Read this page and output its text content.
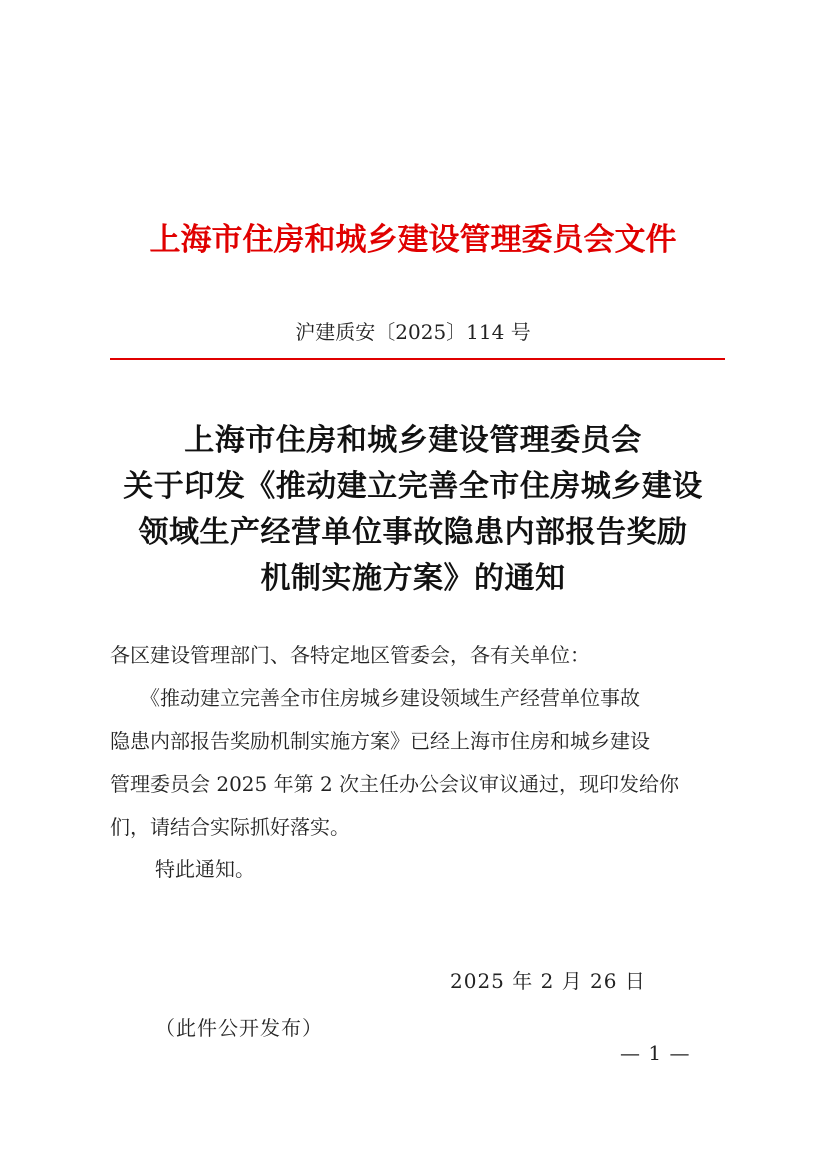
上海市住房和城乡建设管理委员会文件
沪建质安〔2025〕114 号
上海市住房和城乡建设管理委员会
关于印发《推动建立完善全市住房城乡建设
领域生产经营单位事故隐患内部报告奖励
机制实施方案》的通知
各区建设管理部门、各特定地区管委会，各有关单位：
　　《推动建立完善全市住房城乡建设领域生产经营单位事故
隐患内部报告奖励机制实施方案》已经上海市住房和城乡建设
管理委员会 2025 年第 2 次主任办公会议审议通过，现印发给你
们，请结合实际抓好落实。
特此通知。
2025 年 2 月 26 日
（此件公开发布）
— 1 —
